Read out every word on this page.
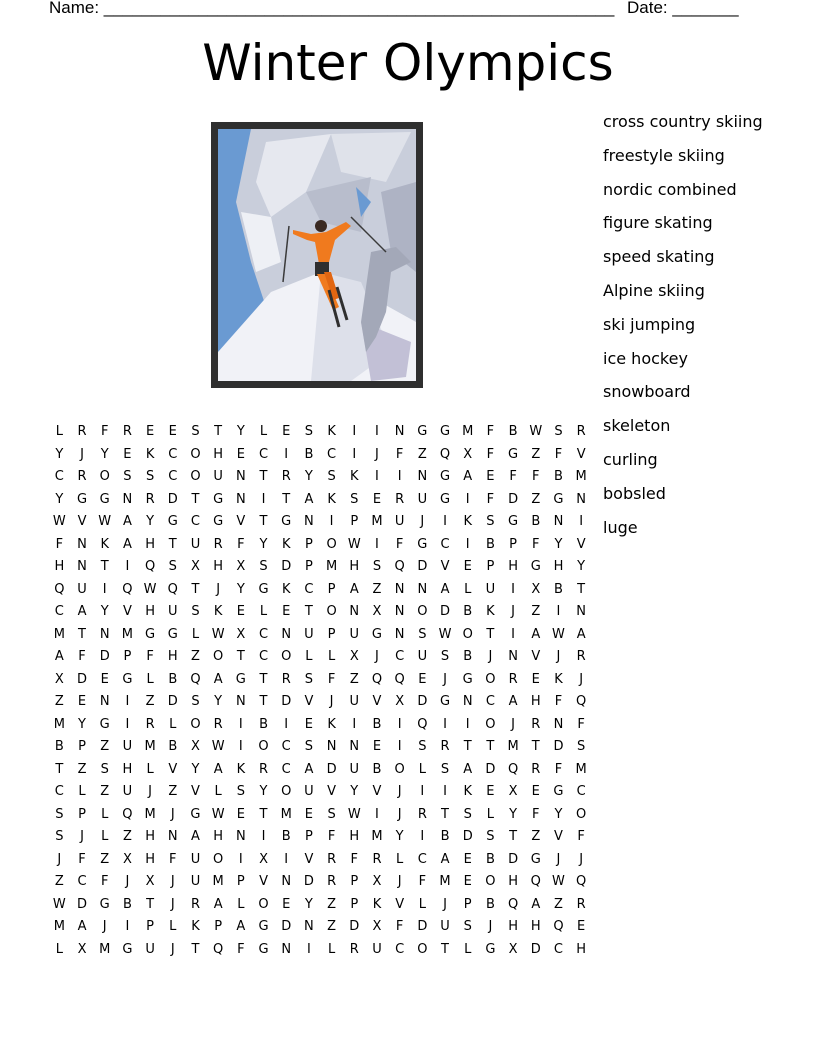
Name: ______________________________________________________ Date: _______
Winter Olympics
cross country skiing
freestyle skiing
nordic combined
figure skating
speed skating
Alpine skiing
ski jumping
ice hockey
snowboard
skeleton
curling
bobsled
luge
L R F R E E S T Y L E S K I I N G G M F B W S R
Y J Y E K C O H E C I B C I J F Z Q X F G Z F V
C R O S S C O U N T R Y S K I I N G A E F F B M
Y G G N R D T G N I T A K S E R U G I F D Z G N
W V W A Y G C G V T G N I P M U J I K S G B N I
F N K A H T U R F Y K P O W I F G C I B P F Y V
H N T I Q S X H X S D P M H S Q D V E P H G H Y
Q U I Q W Q T J Y G K C P A Z N N A L U I X B T
C A Y V H U S K E L E T O N X N O D B K J Z I N
M T N M G G L W X C N U P U G N S W O T I A W A
A F D P F H Z O T C O L L X J C U S B J N V J R
X D E G L B Q A G T R S F Z Q Q E J G O R E K J
Z E N I Z D S Y N T D V J U V X D G N C A H F Q
M Y G I R L O R I B I E K I B I Q I I O J R N F
B P Z U M B X W I O C S N N E I S R T T M T D S
T Z S H L V Y A K R C A D U B O L S A D Q R F M
C L Z U J Z V L S Y O U V Y V J I I K E X E G C
S P L Q M J G W E T M E S W I J R T S L Y F Y O
S J L Z H N A H N I B P F H M Y I B D S T Z V F
J F Z X H F U O I X I V R F R L C A E B D G J J
Z C F J X J U M P V N D R P X J F M E O H Q W Q
W D G B T J R A L O E Y Z P K V L J P B Q A Z R
M A J I P L K P A G D N Z D X F D U S J H H Q E
L X M G U J T Q F G N I L R U C O T L G X D C H
